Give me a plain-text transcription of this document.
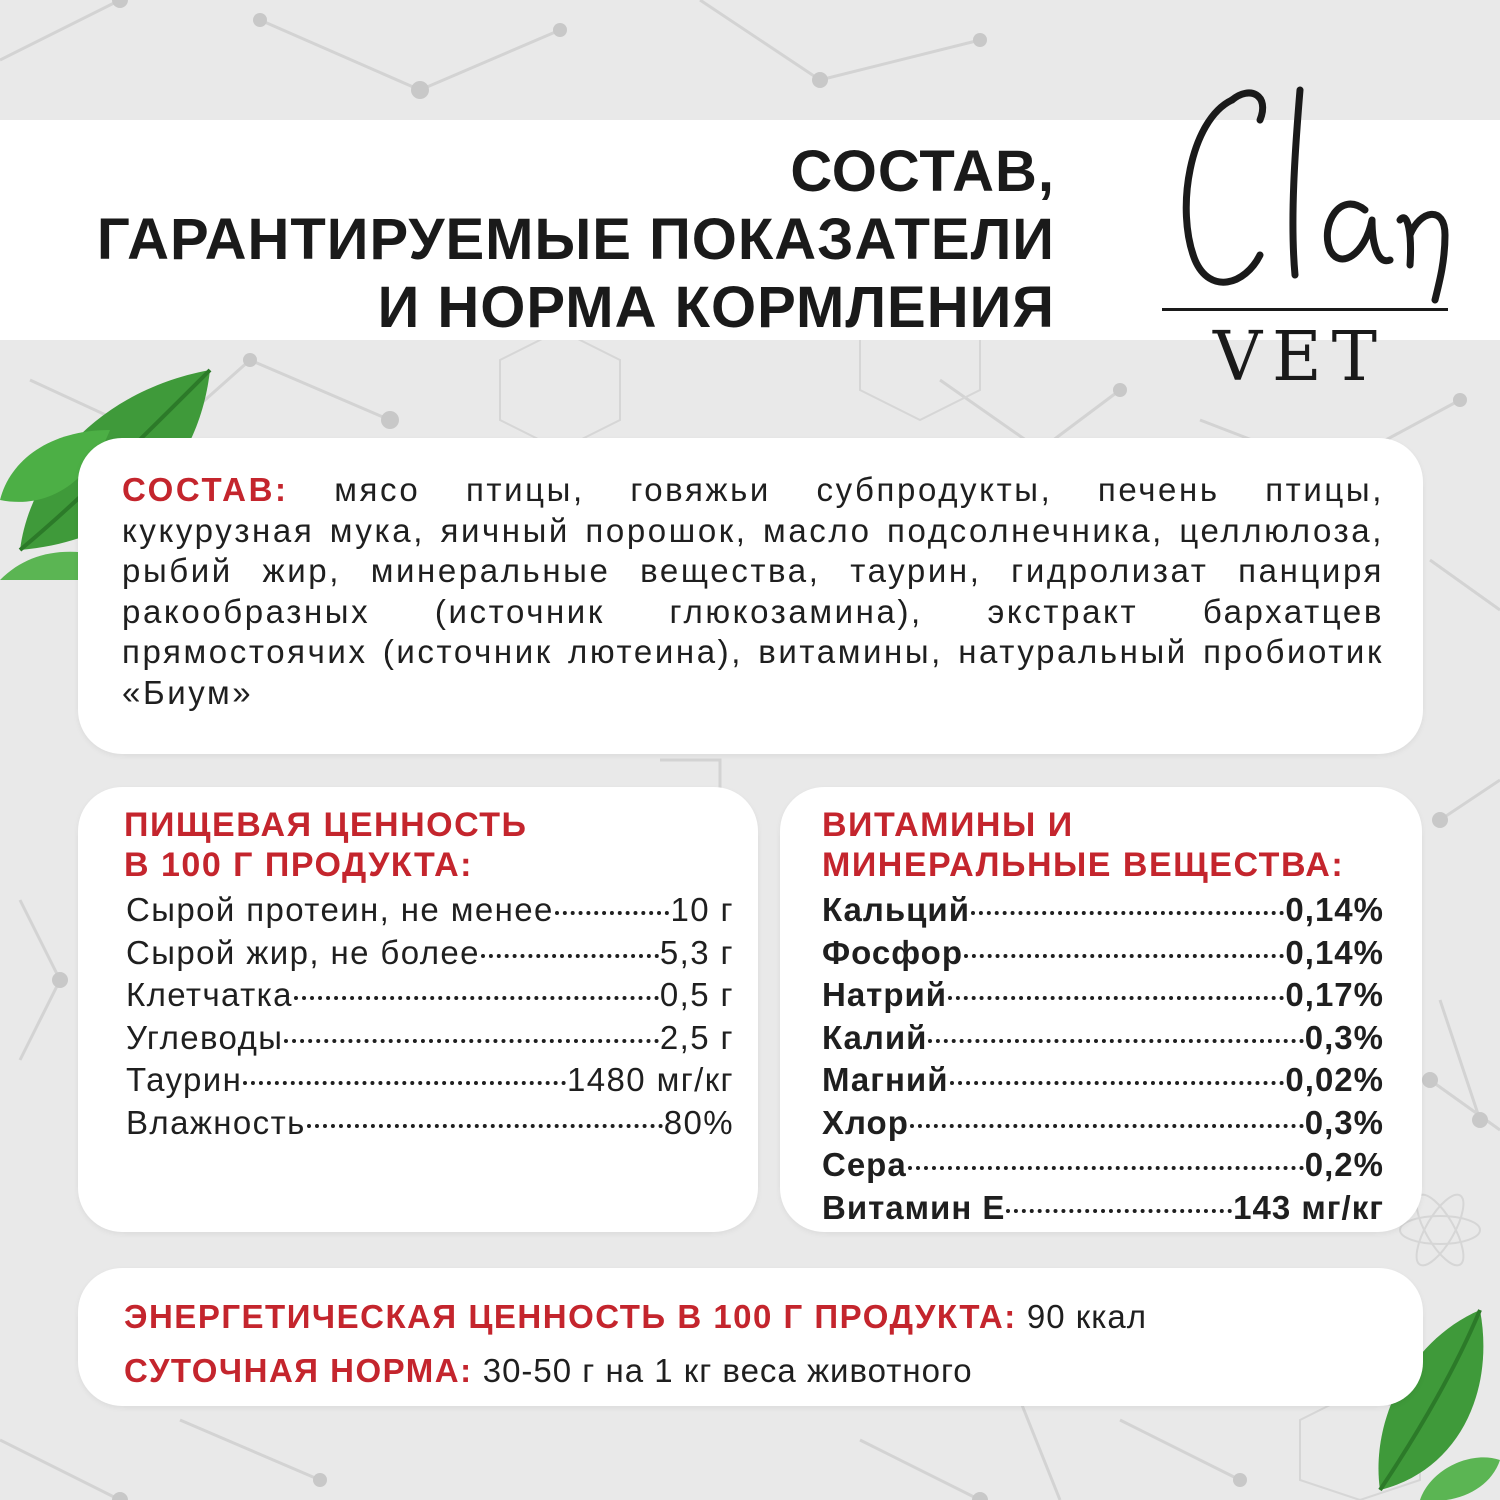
СОСТАВ,
ГАРАНТИРУЕМЫЕ ПОКАЗАТЕЛИ
И НОРМА КОРМЛЕНИЯ
VET
СОСТАВ: мясо птицы, говяжьи субпродукты, печень птицы, кукурузная мука, яичный порошок, масло подсолнечника, целлюлоза, рыбий жир, минеральные вещества, таурин, гидролизат панциря ракообразных (источник глюкозамина), экстракт бархатцев прямостоячих (источник лютеина), витамины, натуральный пробиотик «Биум»
ПИЩЕВАЯ ЦЕННОСТЬ
В 100 Г ПРОДУКТА:
Сырой протеин, не менее	10 г
Сырой жир, не более	5,3 г
Клетчатка	0,5 г
Углеводы	2,5 г
Таурин	1480 мг/кг
Влажность	80%
ВИТАМИНЫ И
МИНЕРАЛЬНЫЕ ВЕЩЕСТВА:
Кальций	0,14%
Фосфор	0,14%
Натрий	0,17%
Калий	0,3%
Магний	0,02%
Хлор	0,3%
Сера	0,2%
Витамин Е	143 мг/кг
ЭНЕРГЕТИЧЕСКАЯ ЦЕННОСТЬ В 100 Г ПРОДУКТА: 90 ккал
СУТОЧНАЯ НОРМА: 30-50 г на 1 кг веса животного
